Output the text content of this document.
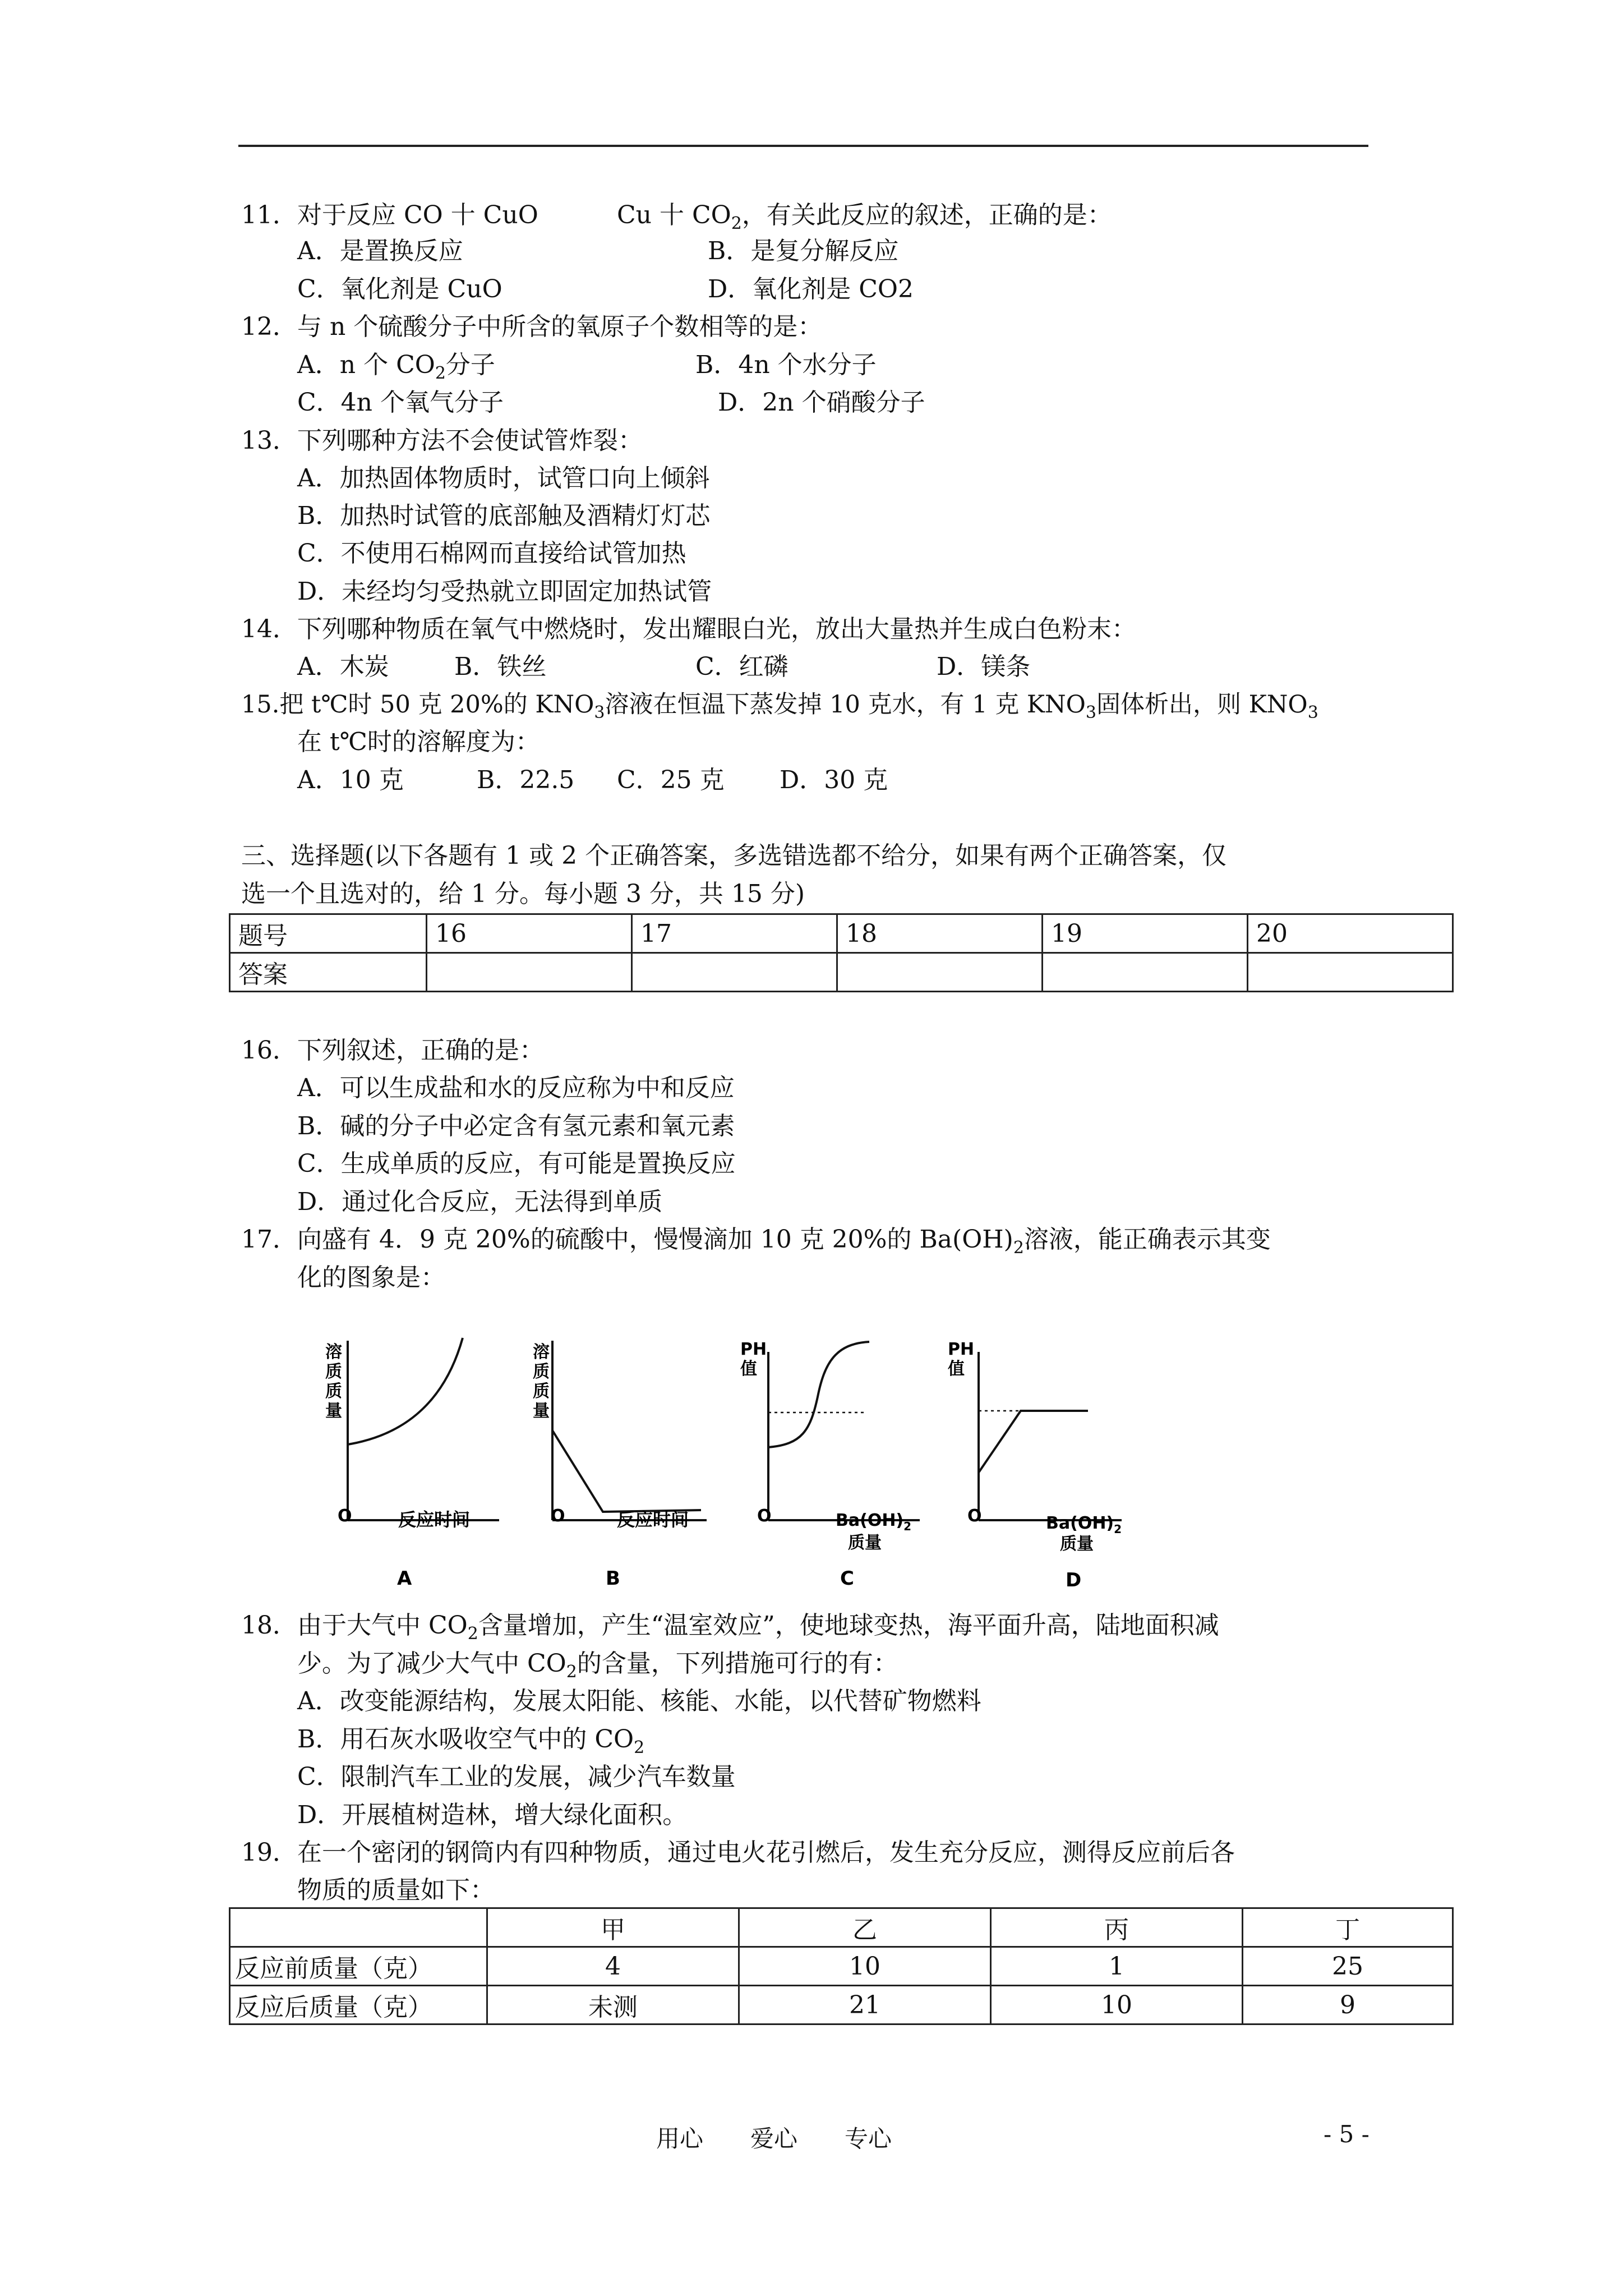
11．对于反应 CO 十 CuO	Cu 十 $CO_2$，有关此反应的叙述，正确的是：
A．是置换反应	B．是复分解反应
C．氧化剂是 CuO	D．氧化剂是 CO2
12．与 n 个硫酸分子中所含的氧原子个数相等的是：
A．n 个 $CO_2$分子	B．4n 个水分子
C．4n 个氧气分子	D．2n 个硝酸分子
13．下列哪种方法不会使试管炸裂：
A．加热固体物质时，试管口向上倾斜
B．加热时试管的底部触及酒精灯灯芯
C．不使用石棉网而直接给试管加热
D．未经均匀受热就立即固定加热试管
14．下列哪种物质在氧气中燃烧时，发出耀眼白光，放出大量热并生成白色粉末：
A．木炭	B．铁丝	C．红磷	D．镁条
15.把 t℃时 50 克 20%的 $KNO_3$溶液在恒温下蒸发掉 10 克水，有 1 克 $KNO_3$固体析出，则 $KNO_3$
在 t℃时的溶解度为：
A．10 克	B．22.5 C．25 克 D．30 克
三、选择题(以下各题有 1 或 2 个正确答案，多选错选都不给分，如果有两个正确答案，仅
选一个且选对的，给 1 分。每小题 3 分，共 15 分)
题号	16	17	18	19	20
答案					
16．下列叙述，正确的是：
A．可以生成盐和水的反应称为中和反应
B．碱的分子中必定含有氢元素和氧元素
C．生成单质的反应，有可能是置换反应
D．通过化合反应，无法得到单质
17．向盛有 4．9 克 20%的硫酸中，慢慢滴加 10 克 20%的 $Ba(OH)_2$溶液，能正确表示其变
化的图象是：
溶
质
质
量
O	反应时间
A
溶
质
质
量
O	反应时间
B
PH
值
O	$Ba(OH)_2$
质量
C
PH
值
O	$Ba(OH)_2$
质量
D
18．由于大气中 $CO_2$含量增加，产生“温室效应”，使地球变热，海平面升高，陆地面积减
少。为了减少大气中 $CO_2$的含量，下列措施可行的有：
A．改变能源结构，发展太阳能、核能、水能，以代替矿物燃料
B．用石灰水吸收空气中的 $CO_2$
C．限制汽车工业的发展，减少汽车数量
D．开展植树造林，增大绿化面积。
19．在一个密闭的钢筒内有四种物质，通过电火花引燃后，发生充分反应，测得反应前后各
物质的质量如下：
	甲	乙	丙	丁
反应前质量（克）	4	10	1	25
反应后质量（克）	未测	21	10	9
用心　　爱心　　专心	- 5 -
